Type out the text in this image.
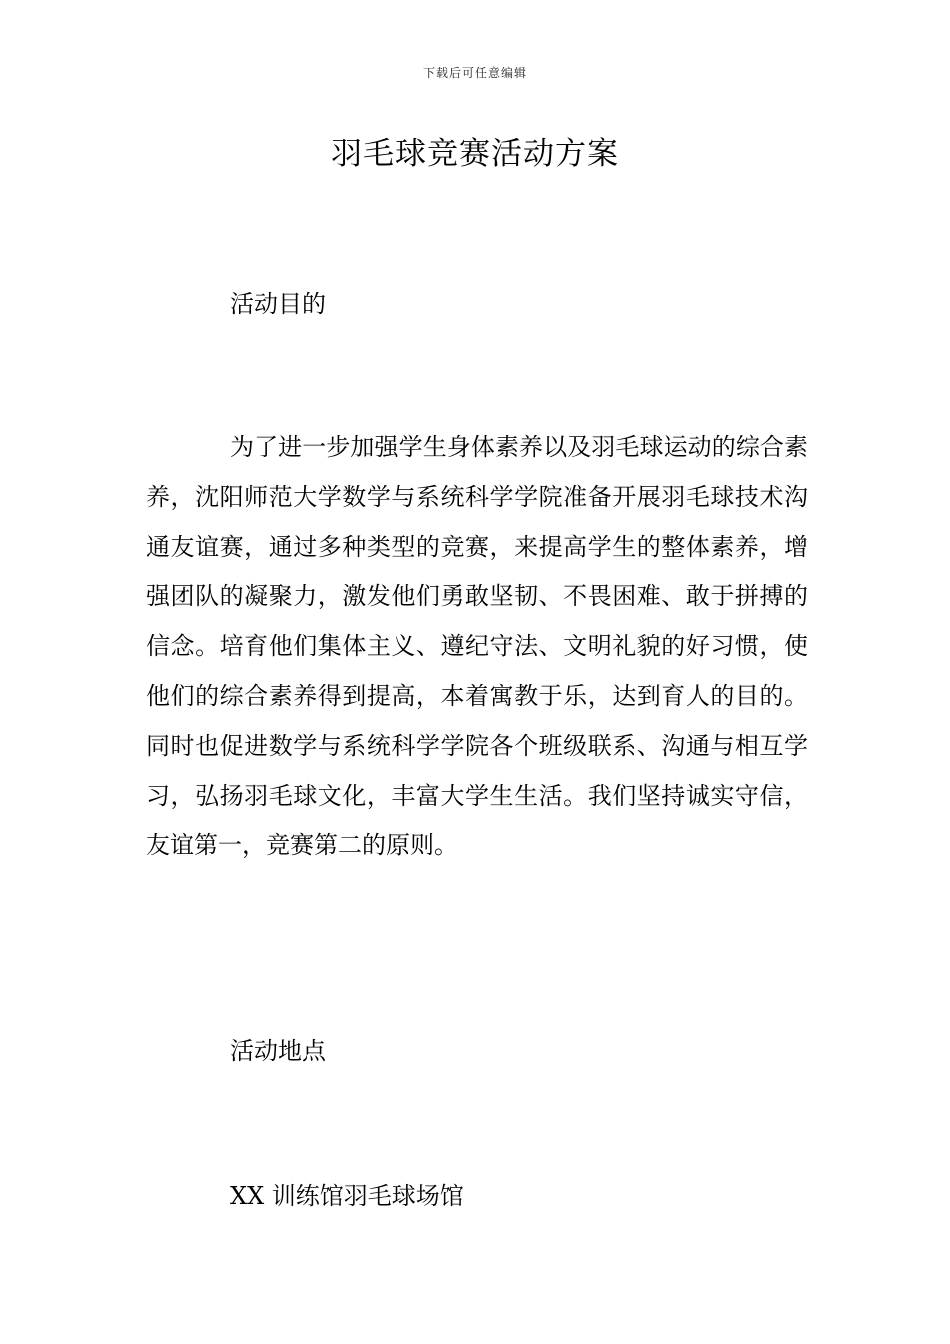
下载后可任意编辑
羽毛球竞赛活动方案
活动目的

为了进一步加强学生身体素养以及羽毛球运动的综合素养，沈阳师范大学数学与系统科学学院准备开展羽毛球技术沟通友谊赛，通过多种类型的竞赛，来提高学生的整体素养，增强团队的凝聚力，激发他们勇敢坚韧、不畏困难、敢于拼搏的信念。培育他们集体主义、遵纪守法、文明礼貌的好习惯，使他们的综合素养得到提高，本着寓教于乐，达到育人的目的。同时也促进数学与系统科学学院各个班级联系、沟通与相互学习，弘扬羽毛球文化，丰富大学生生活。我们坚持诚实守信，友谊第一，竞赛第二的原则。

活动地点

XX 训练馆羽毛球场馆
